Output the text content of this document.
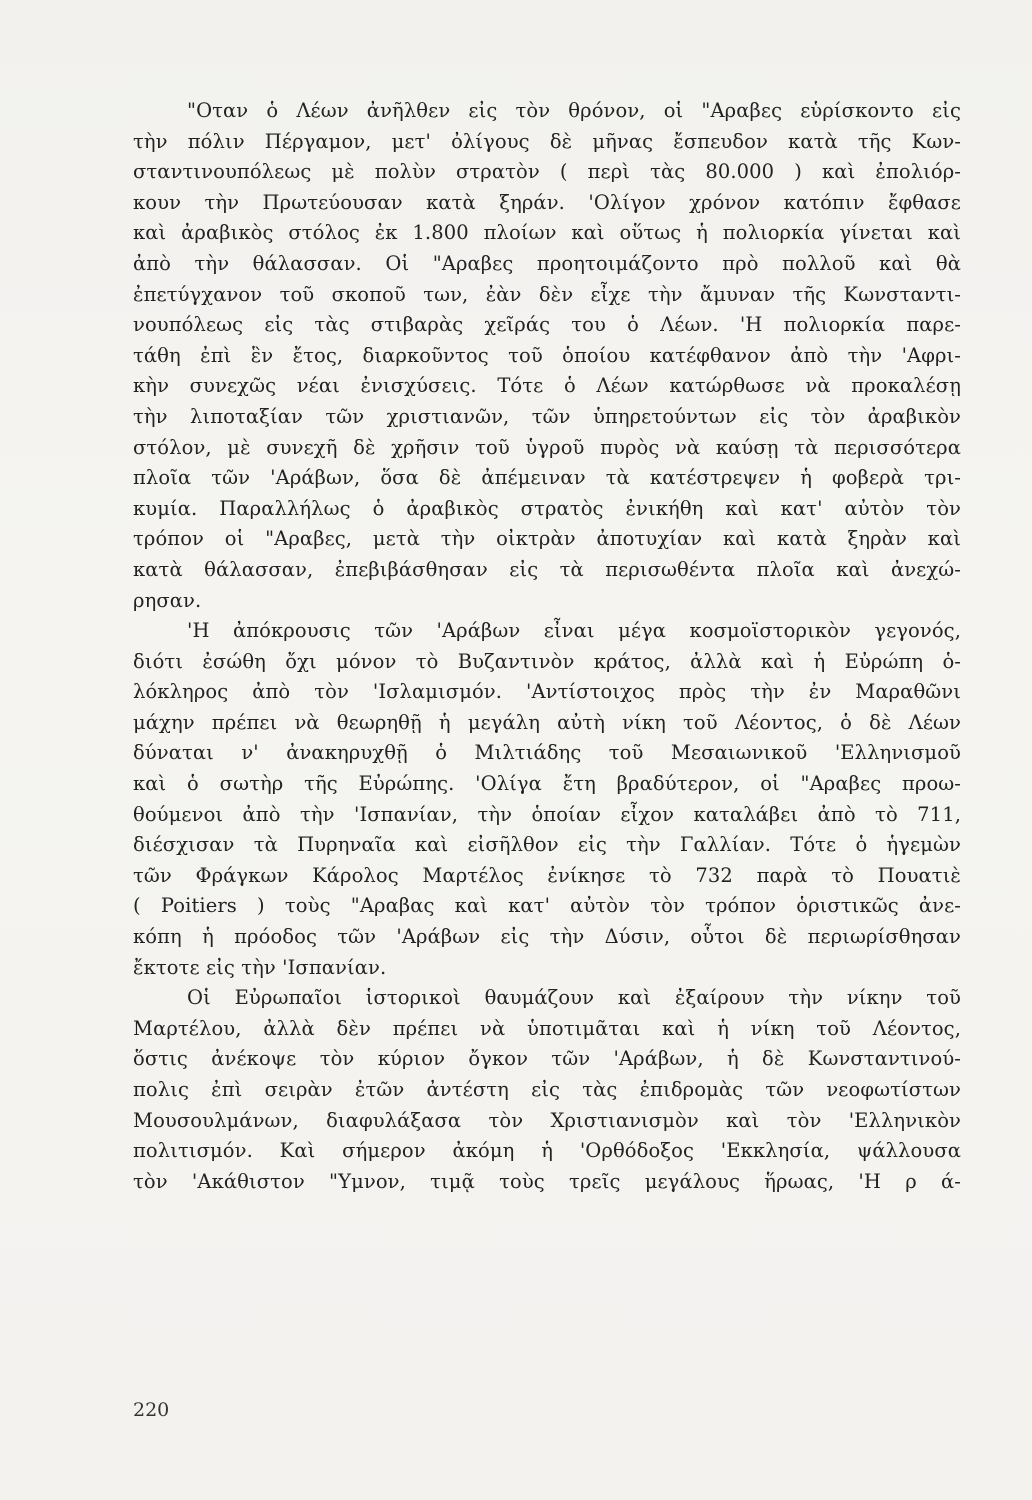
"Οταν ὁ Λέων ἀνῆλθεν εἰς τὸν θρόνον, οἱ "Αραβες εὑρίσκοντο εἰς
τὴν πόλιν Πέργαμον, μετ' ὀλίγους δὲ μῆνας ἔσπευδον κατὰ τῆς Κων-
σταντινουπόλεως μὲ πολὺν στρατὸν ( περὶ τὰς 80.000 ) καὶ ἐπολιόρ-
κουν τὴν Πρωτεύουσαν κατὰ ξηράν. 'Ολίγον χρόνον κατόπιν ἔφθασε
καὶ ἀραβικὸς στόλος ἐκ 1.800 πλοίων καὶ οὕτως ἡ πολιορκία γίνεται καὶ
ἀπὸ τὴν θάλασσαν. Οἱ "Αραβες προητοιμάζοντο πρὸ πολλοῦ καὶ θὰ
ἐπετύγχανον τοῦ σκοποῦ των, ἐὰν δὲν εἶχε τὴν ἄμυναν τῆς Κωνσταντι-
νουπόλεως εἰς τὰς στιβαρὰς χεῖράς του ὁ Λέων. 'Η πολιορκία παρε-
τάθη ἐπὶ ἓν ἔτος, διαρκοῦντος τοῦ ὁποίου κατέφθανον ἀπὸ τὴν 'Αφρι-
κὴν συνεχῶς νέαι ἐνισχύσεις. Τότε ὁ Λέων κατώρθωσε νὰ προκαλέσῃ
τὴν λιποταξίαν τῶν χριστιανῶν, τῶν ὑπηρετούντων εἰς τὸν ἀραβικὸν
στόλον, μὲ συνεχῆ δὲ χρῆσιν τοῦ ὑγροῦ πυρὸς νὰ καύσῃ τὰ περισσότερα
πλοῖα τῶν 'Αράβων, ὅσα δὲ ἀπέμειναν τὰ κατέστρεψεν ἡ φοβερὰ τρι-
κυμία. Παραλλήλως ὁ ἀραβικὸς στρατὸς ἐνικήθη καὶ κατ' αὐτὸν τὸν
τρόπον οἱ "Αραβες, μετὰ τὴν οἰκτρὰν ἀποτυχίαν καὶ κατὰ ξηρὰν καὶ
κατὰ θάλασσαν, ἐπεβιβάσθησαν εἰς τὰ περισωθέντα πλοῖα καὶ ἀνεχώ-
ρησαν.
'Η ἀπόκρουσις τῶν 'Αράβων εἶναι μέγα κοσμοϊστορικὸν γεγονός,
διότι ἐσώθη ὄχι μόνον τὸ Βυζαντινὸν κράτος, ἀλλὰ καὶ ἡ Εὐρώπη ὁ-
λόκληρος ἀπὸ τὸν 'Ισλαμισμόν. 'Αντίστοιχος πρὸς τὴν ἐν Μαραθῶνι
μάχην πρέπει νὰ θεωρηθῇ ἡ μεγάλη αὐτὴ νίκη τοῦ Λέοντος, ὁ δὲ Λέων
δύναται ν' ἀνακηρυχθῇ ὁ Μιλτιάδης τοῦ Μεσαιωνικοῦ 'Ελληνισμοῦ
καὶ ὁ σωτὴρ τῆς Εὐρώπης. 'Ολίγα ἔτη βραδύτερον, οἱ "Αραβες προω-
θούμενοι ἀπὸ τὴν 'Ισπανίαν, τὴν ὁποίαν εἶχον καταλάβει ἀπὸ τὸ 711,
διέσχισαν τὰ Πυρηναῖα καὶ εἰσῆλθον εἰς τὴν Γαλλίαν. Τότε ὁ ἡγεμὼν
τῶν Φράγκων Κάρολος Μαρτέλος ἐνίκησε τὸ 732 παρὰ τὸ Πουατιὲ
( Poitiers ) τοὺς "Αραβας καὶ κατ' αὐτὸν τὸν τρόπον ὁριστικῶς ἀνε-
κόπη ἡ πρόοδος τῶν 'Αράβων εἰς τὴν Δύσιν, οὗτοι δὲ περιωρίσθησαν
ἔκτοτε εἰς τὴν 'Ισπανίαν.
Οἱ Εὐρωπαῖοι ἱστορικοὶ θαυμάζουν καὶ ἐξαίρουν τὴν νίκην τοῦ
Μαρτέλου, ἀλλὰ δὲν πρέπει νὰ ὑποτιμᾶται καὶ ἡ νίκη τοῦ Λέοντος,
ὅστις ἀνέκοψε τὸν κύριον ὄγκον τῶν 'Αράβων, ἡ δὲ Κωνσταντινού-
πολις ἐπὶ σειρὰν ἐτῶν ἀντέστη εἰς τὰς ἐπιδρομὰς τῶν νεοφωτίστων
Μουσουλμάνων, διαφυλάξασα τὸν Χριστιανισμὸν καὶ τὸν 'Ελληνικὸν
πολιτισμόν. Καὶ σήμερον ἀκόμη ἡ 'Ορθόδοξος 'Εκκλησία, ψάλλουσα
τὸν 'Ακάθιστον "Υμνον, τιμᾷ τοὺς τρεῖς μεγάλους ἥρωας, 'Η ρ ά-
220
